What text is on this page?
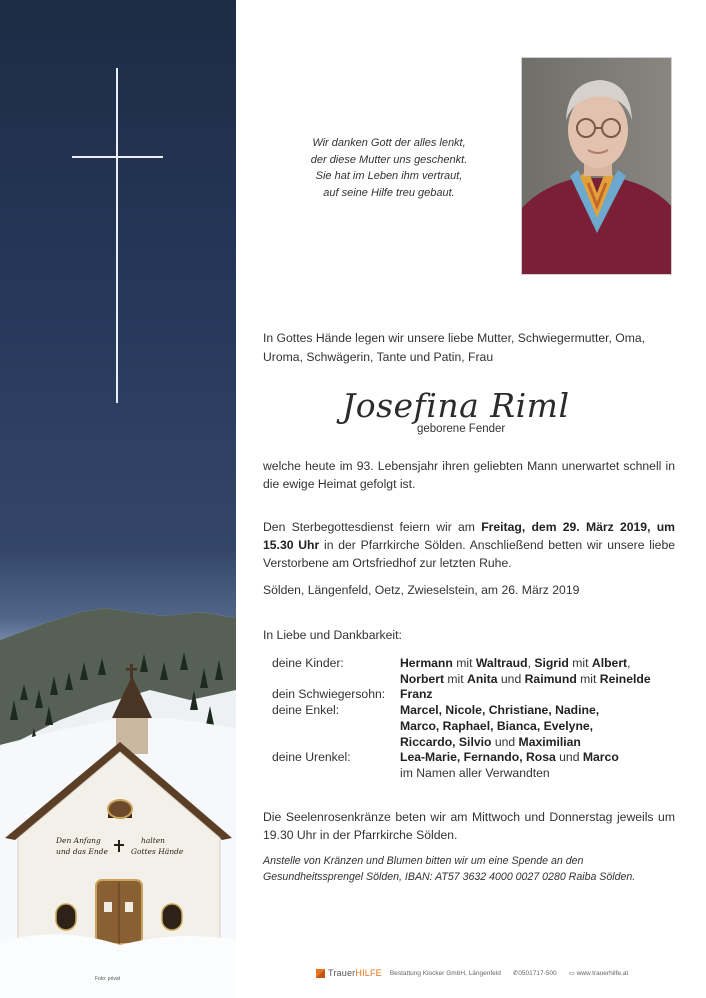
Den Anfang
und das Ende
halten
Gottes Hände
Foto: privat

Wir danken Gott der alles lenkt,

der diese Mutter uns geschenkt.

Sie hat im Leben ihm vertraut,

auf seine Hilfe treu gebaut.

In Gottes Hände legen wir unsere liebe Mutter, Schwiegermutter, Oma, Uroma, Schwägerin, Tante und Patin, Frau
Josefina Riml
geborene Fender
welche heute im 93. Lebensjahr ihren geliebten Mann unerwartet schnell in die ewige Heimat gefolgt ist.
Den Sterbegottesdienst feiern wir am Freitag, dem 29. März 2019, um 15.30 Uhr in der Pfarrkirche Sölden. Anschließend betten wir unsere liebe Verstorbene am Ortsfriedhof zur letzten Ruhe.
Sölden, Längenfeld, Oetz, Zwieselstein, am 26. März 2019
In Liebe und Dankbarkeit:
deine Kinder:	Hermann mit Waltraud, Sigrid mit Albert,
Norbert mit Anita und Raimund mit Reinelde
dein Schwiegersohn:	Franz
deine Enkel:	Marcel, Nicole, Christiane, Nadine,
Marco, Raphael, Bianca, Evelyne,
Riccardo, Silvio und Maximilian
deine Urenkel:	Lea-Marie, Fernando, Rosa und Marco
im Namen aller Verwandten
Die Seelenrosenkränze beten wir am Mittwoch und Donnerstag jeweils um 19.30 Uhr in der Pfarrkirche Sölden.
Anstelle von Kränzen und Blumen bitten wir um eine Spende an den Gesundheitssprengel Sölden, IBAN: AT57 3632 4000 0027 0280 Raiba Sölden.
TrauerHILFE Bestattung Klocker GmbH, Längenfeld ✆ 0501717-500 ▭
www.trauerhilfe.at
